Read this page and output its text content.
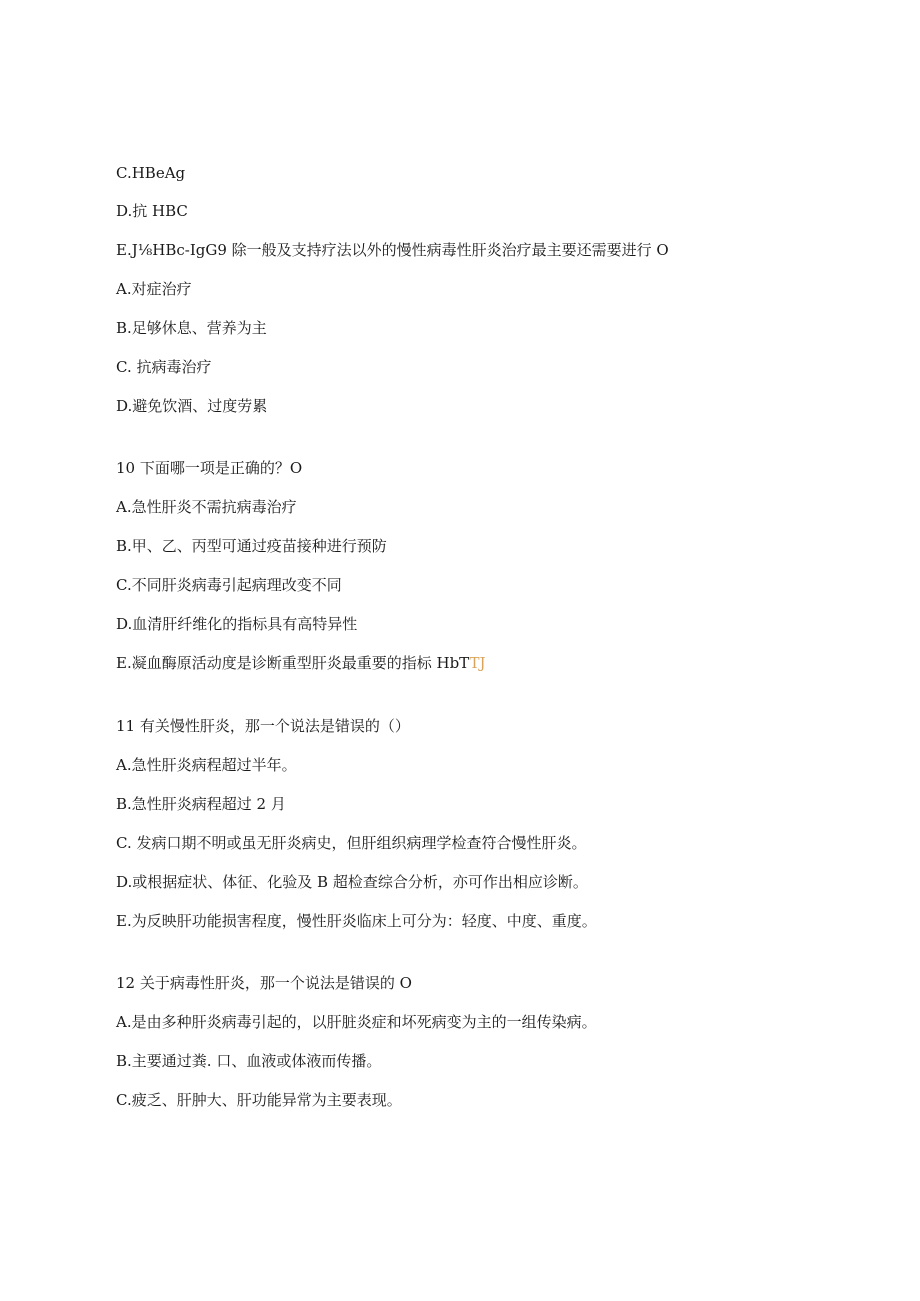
C.HBeAg
D.抗 HBC
E.J⅛HBc-IgG9 除一般及支持疗法以外的慢性病毒性肝炎治疗最主要还需要进行 O
A.对症治疗
B.足够休息、营养为主
C. 抗病毒治疗
D.避免饮酒、过度劳累
10 下面哪一项是正确的？O
A.急性肝炎不需抗病毒治疗
B.甲、乙、丙型可通过疫苗接种进行预防
C.不同肝炎病毒引起病理改变不同
D.血清肝纤维化的指标具有高特异性
E.凝血酶原活动度是诊断重型肝炎最重要的指标 HbTTJ
11 有关慢性肝炎，那一个说法是错误的（）
A.急性肝炎病程超过半年。
B.急性肝炎病程超过 2 月
C. 发病口期不明或虽无肝炎病史，但肝组织病理学检查符合慢性肝炎。
D.或根据症状、体征、化验及 B 超检查综合分析，亦可作出相应诊断。
E.为反映肝功能损害程度，慢性肝炎临床上可分为：轻度、中度、重度。
12 关于病毒性肝炎，那一个说法是错误的 O
A.是由多种肝炎病毒引起的，以肝脏炎症和坏死病变为主的一组传染病。
B.主要通过粪. 口、血液或体液而传播。
C.疲乏、肝肿大、肝功能异常为主要表现。
